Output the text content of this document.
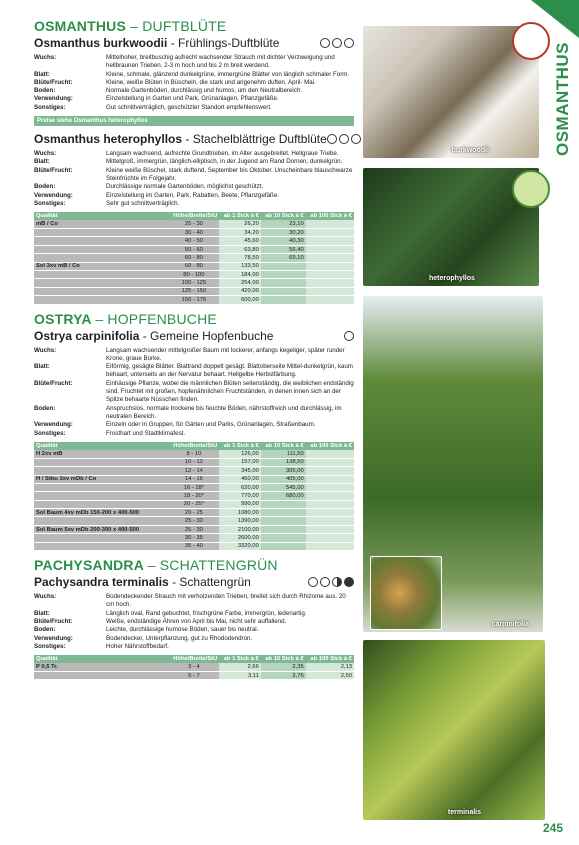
OSMANTHUS
OSMANTHUS – DUFTBLÜTE
Osmanthus burkwoodii - Frühlings-Duftblüte
Wuchs:	Mittelhoher, breitbuschig aufrecht wachsender Strauch mit dichter Verzweigung und hellbraunen Trieben. 2-3 m hoch und bis 2 m breit werdend.
Blatt:	Kleine, schmale, glänzend dunkelgrüne, immergrüne Blätter von länglich schmaler Form.
Blüte/Frucht:	Kleine, weiße Blüten in Büscheln, die stark und angenehm duften. April- Mai.
Boden:	Normale Gartenböden, durchlässig und humos, um den Neutralbereich.
Verwendung:	Einzelstellung in Garten und Park, Grünanlagen, Pflanzgefäße.
Sonstiges:	Gut schnittverträglich, geschützter Standort empfehlenswert.
Preise siehe Osmanthus heterophyllos
Osmanthus heterophyllos - Stachelblättrige Duftblüte
Wuchs:	Langsam wachsend, aufrechte Grundtrieben, im Alter ausgebreitet. Hellgraue Triebe.
Blatt:	Mittelgroß, immergrün, länglich-elliptisch, in der Jugend am Rand Dornen, dunkelgrün.
Blüte/Frucht:	Kleine weiße Büschel, stark duftend, September bis Oktober. Unscheinbare blauschwarze Steinfrüchte im Folgejahr.
Boden:	Durchlässige normale Gartenböden, möglichst geschützt.
Verwendung:	Einzelstellung im Garten, Park, Rabatten, Beete, Pflanzgefäße.
Sonstiges:	Sehr gut schnittverträglich.
Qualität	Höhe/Breite/StU	ab 1 Stck à €	ab 10 Stck à €	ab 100 Stck à €
mB / Co	25 - 30	26,20	23,10	
	30 - 40	34,20	30,20	
	40 - 50	45,60	40,30	
	50 - 60	63,80	56,40	
	60 - 80	78,50	69,10	
Sol 3xv mB / Co	60 - 80	133,50		
	80 - 100	184,00		
	100 - 125	254,00		
	125 - 150	420,00		
	150 - 175	600,00		
OSTRYA – HOPFENBUCHE
Ostrya carpinifolia - Gemeine Hopfenbuche
Wuchs:	Langsam wachsender mittelgroßer Baum mit lockerer, anfangs kegeliger, später runder Krone, graue Borke.
Blatt:	Eiförmig, gesägte Blätter. Blattrand doppelt gesägt. Blattoberseite Mittel-dunkelgrün, kaum behaart; unterseits an der Nervatur behaart. Hellgelbe Herbstfärbung.
Blüte/Frucht:	Einhäusige Pflanze, wobei die männlichen Blüten seitenständig, die weiblichen endständig sind. Fruchtet mit großen, hopfenähnlichen Fruchtständen, in denen innen sich an der Spitze behaarte Nüsschen finden.
Boden:	Anspruchslos, normale trockene bis feuchte Böden, nährstoffreich und durchlässig, im neutralen Bereich.
Verwendung:	Einzeln oder in Gruppen, für Gärten und Parks, Grünanlagen, Straßenbaum.
Sonstiges:	Frosthart und Stadtklimafest.
Qualität	Höhe/Breite/StU	ab 1 Stck à €	ab 10 Stck à €	ab 100 Stck à €
H 2xv mB	8 - 10	126,00	111,50	
	10 - 12	157,00	138,50	
	12 - 14	345,00	305,00	
H / Stbu 3xv mDb / Co	14 - 16	460,00	405,00	
	16 - 18*	620,00	545,00	
	18 - 20*	770,00	680,00	
	20 - 25*	990,00		
Sol Baum 4xv mDb 150-200 x 400-500	20 - 25	1080,00		
	25 - 30	1390,00		
Sol Baum 5xv mDb 200-300 x 400-500	25 - 30	2100,00		
	30 - 35	2600,00		
	35 - 40	3320,00		
PACHYSANDRA – SCHATTENGRÜN
Pachysandra terminalis - Schattengrün
Wuchs:	Bodendeckender Strauch mit verholzenden Trieben, breitet sich durch Rhizome aus. 20 cm hoch.
Blatt:	Länglich oval, Rand gebuchtet, frischgrüne Farbe, immergrün, ledenartig.
Blüte/Frucht:	Weiße, endständige Ähren von April bis Mai, nicht sehr auffallend.
Boden:	Leichte, durchlässige humose Böden, sauer bis neutral.
Verwendung:	Bodendecker, Unterpflanzung, gut zu Rhododendron.
Sonstiges:	Hoher Nährstoffbedarf.
Qualität	Höhe/Breite/StU	ab 1 Stck à €	ab 10 Stck à €	ab 100 Stck à €
P 0,5 Tr.	3 - 4	2,66	2,35	2,13
	5 - 7	3,11	2,75	2,50
burkwoodii
heterophyllos
carpinifolia
terminalis
245
